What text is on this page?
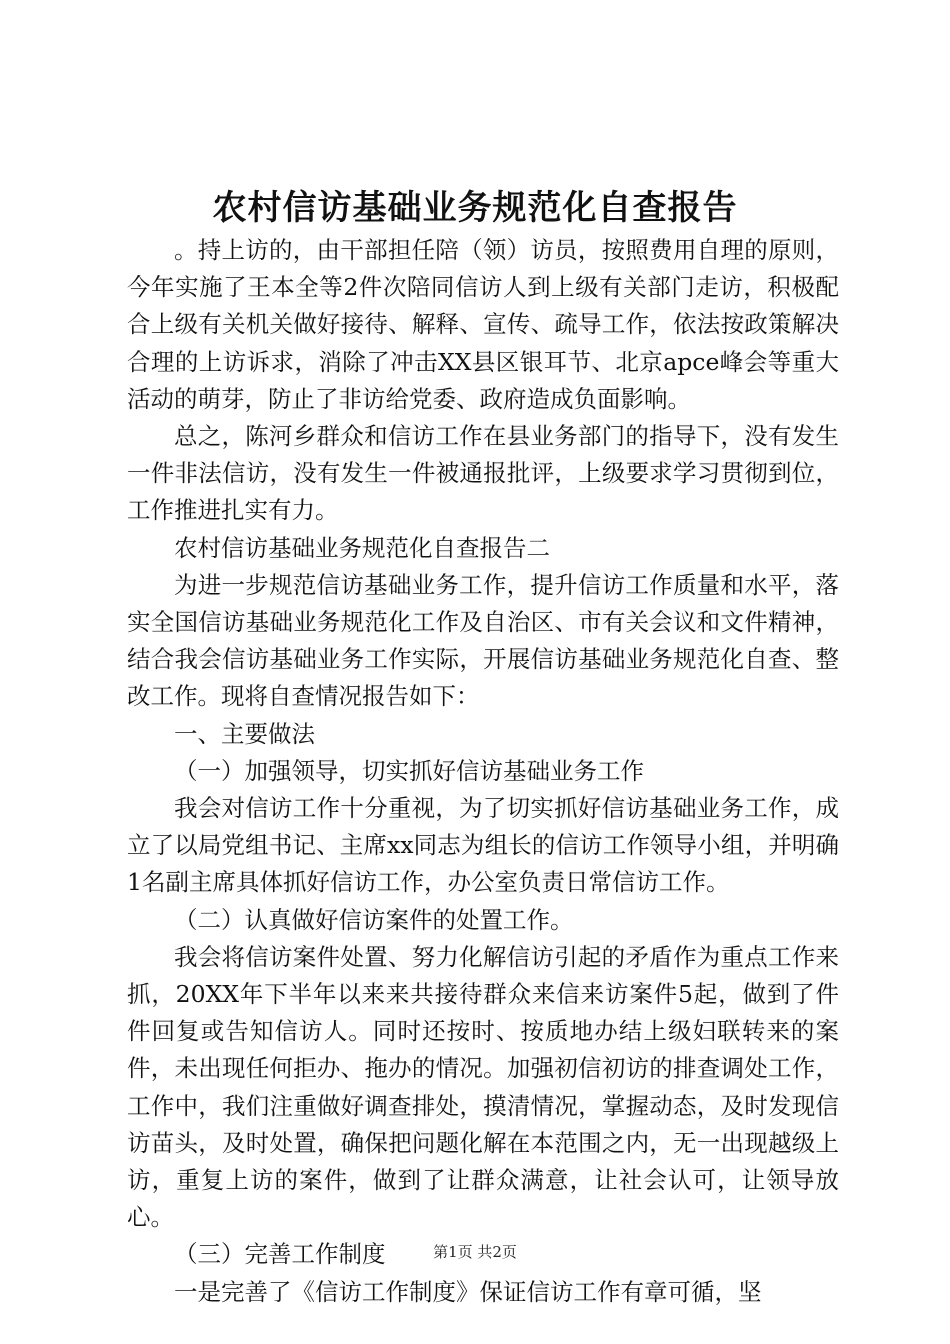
农村信访基础业务规范化自查报告

。持上访的，由干部担任陪（领）访员，按照费用自理的原则，今年实施了王本全等2件次陪同信访人到上级有关部门走访，积极配合上级有关机关做好接待、解释、宣传、疏导工作，依法按政策解决合理的上访诉求，消除了冲击XX县区银耳节、北京apce峰会等重大活动的萌芽，防止了非访给党委、政府造成负面影响。

总之，陈河乡群众和信访工作在县业务部门的指导下，没有发生一件非法信访，没有发生一件被通报批评，上级要求学习贯彻到位，工作推进扎实有力。

农村信访基础业务规范化自查报告二

为进一步规范信访基础业务工作，提升信访工作质量和水平，落实全国信访基础业务规范化工作及自治区、市有关会议和文件精神，结合我会信访基础业务工作实际，开展信访基础业务规范化自查、整改工作。现将自查情况报告如下：

一、主要做法

（一）加强领导，切实抓好信访基础业务工作

我会对信访工作十分重视，为了切实抓好信访基础业务工作，成立了以局党组书记、主席xx同志为组长的信访工作领导小组，并明确1名副主席具体抓好信访工作，办公室负责日常信访工作。

（二）认真做好信访案件的处置工作。

我会将信访案件处置、努力化解信访引起的矛盾作为重点工作来抓，20XX年下半年以来来共接待群众来信来访案件5起，做到了件件回复或告知信访人。同时还按时、按质地办结上级妇联转来的案件，未出现任何拒办、拖办的情况。加强初信初访的排查调处工作，工作中，我们注重做好调查排处，摸清情况，掌握动态，及时发现信访苗头，及时处置，确保把问题化解在本范围之内，无一出现越级上访，重复上访的案件，做到了让群众满意，让社会认可，让领导放心。

（三）完善工作制度

一是完善了《信访工作制度》保证信访工作有章可循，坚

第1页 共2页
